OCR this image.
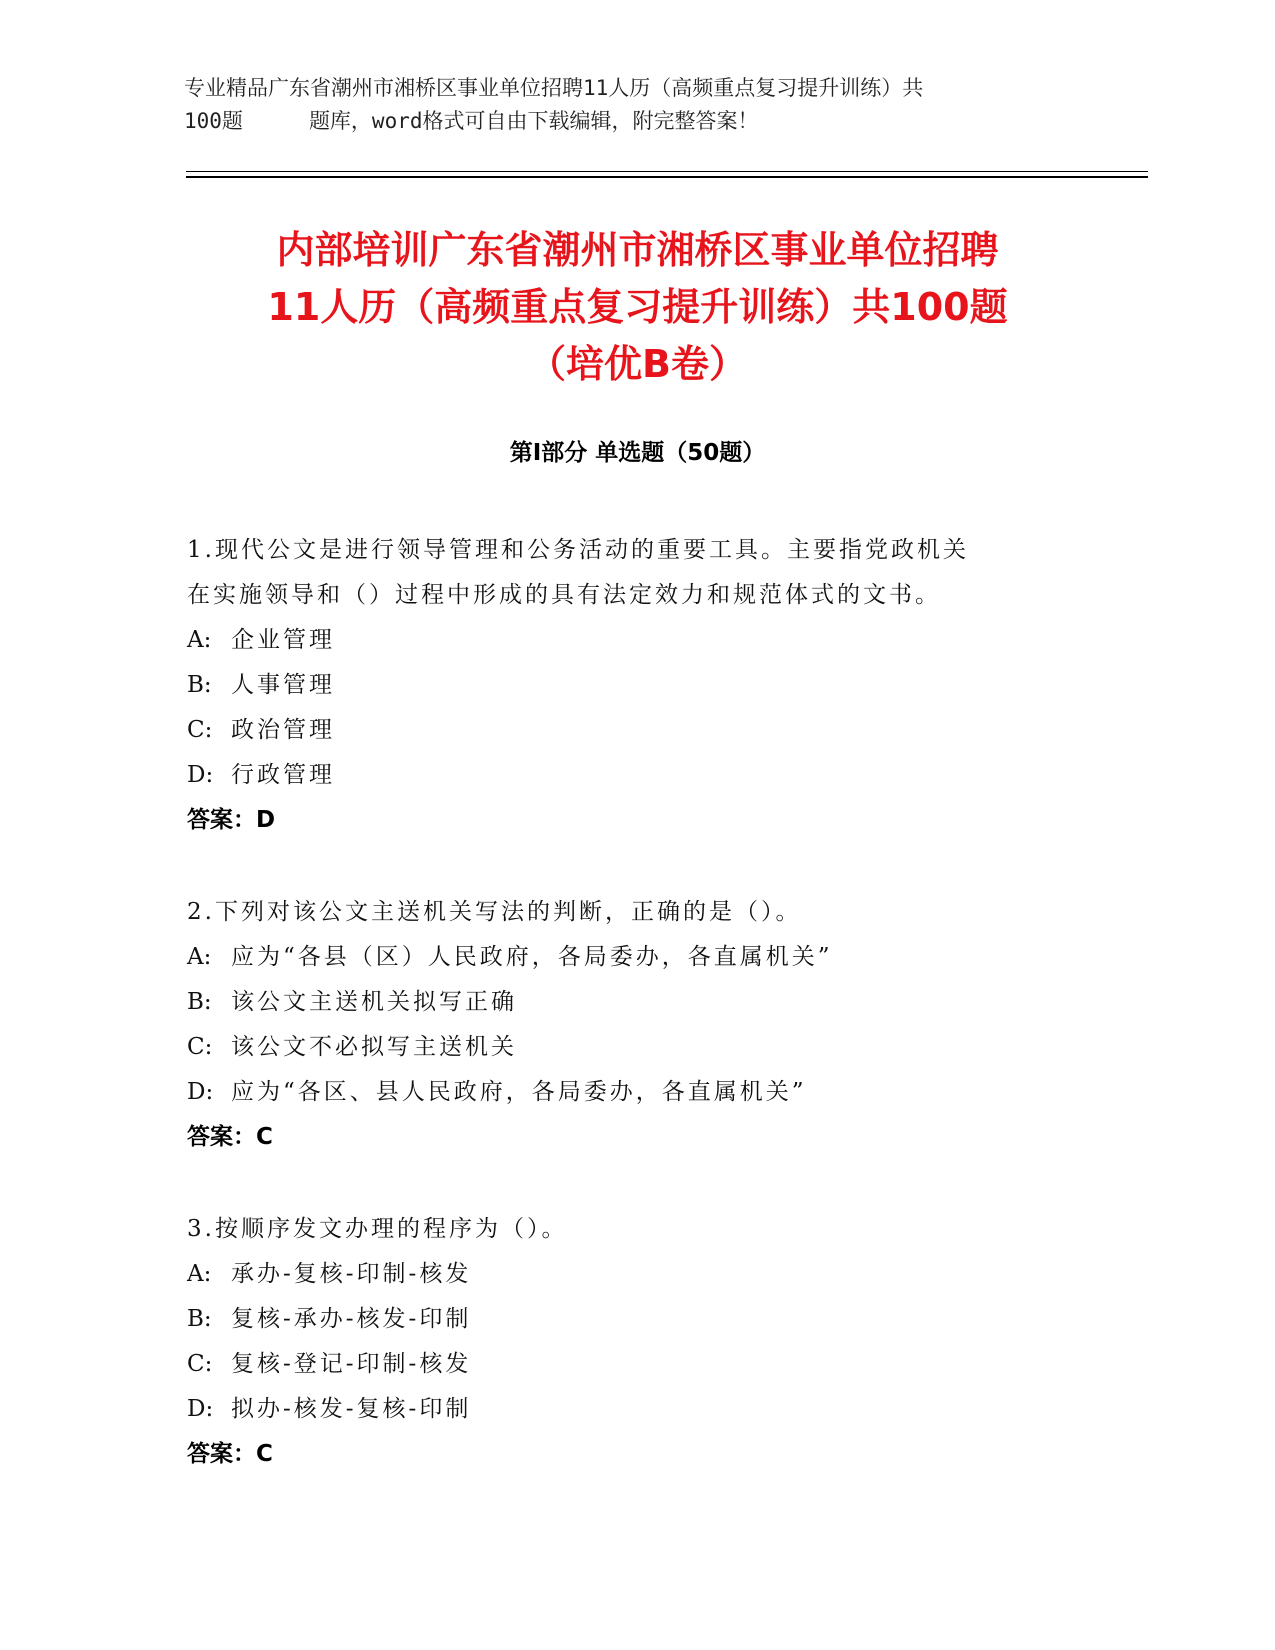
专业精品广东省潮州市湘桥区事业单位招聘11人历（高频重点复习提升训练）共
100题	题库，word格式可自由下载编辑，附完整答案！
内部培训广东省潮州市湘桥区事业单位招聘
11人历（高频重点复习提升训练）共100题
（培优B卷）
第Ⅰ部分 单选题（50题）
1.现代公文是进行领导管理和公务活动的重要工具。主要指党政机关
在实施领导和（）过程中形成的具有法定效力和规范体式的文书。
A: 企业管理
B: 人事管理
C: 政治管理
D: 行政管理
答案：D
2.下列对该公文主送机关写法的判断，正确的是（）。
A: 应为“各县（区）人民政府，各局委办，各直属机关”
B: 该公文主送机关拟写正确
C: 该公文不必拟写主送机关
D: 应为“各区、县人民政府，各局委办，各直属机关”
答案：C
3.按顺序发文办理的程序为（）。
A: 承办-复核-印制-核发
B: 复核-承办-核发-印制
C: 复核-登记-印制-核发
D: 拟办-核发-复核-印制
答案：C
